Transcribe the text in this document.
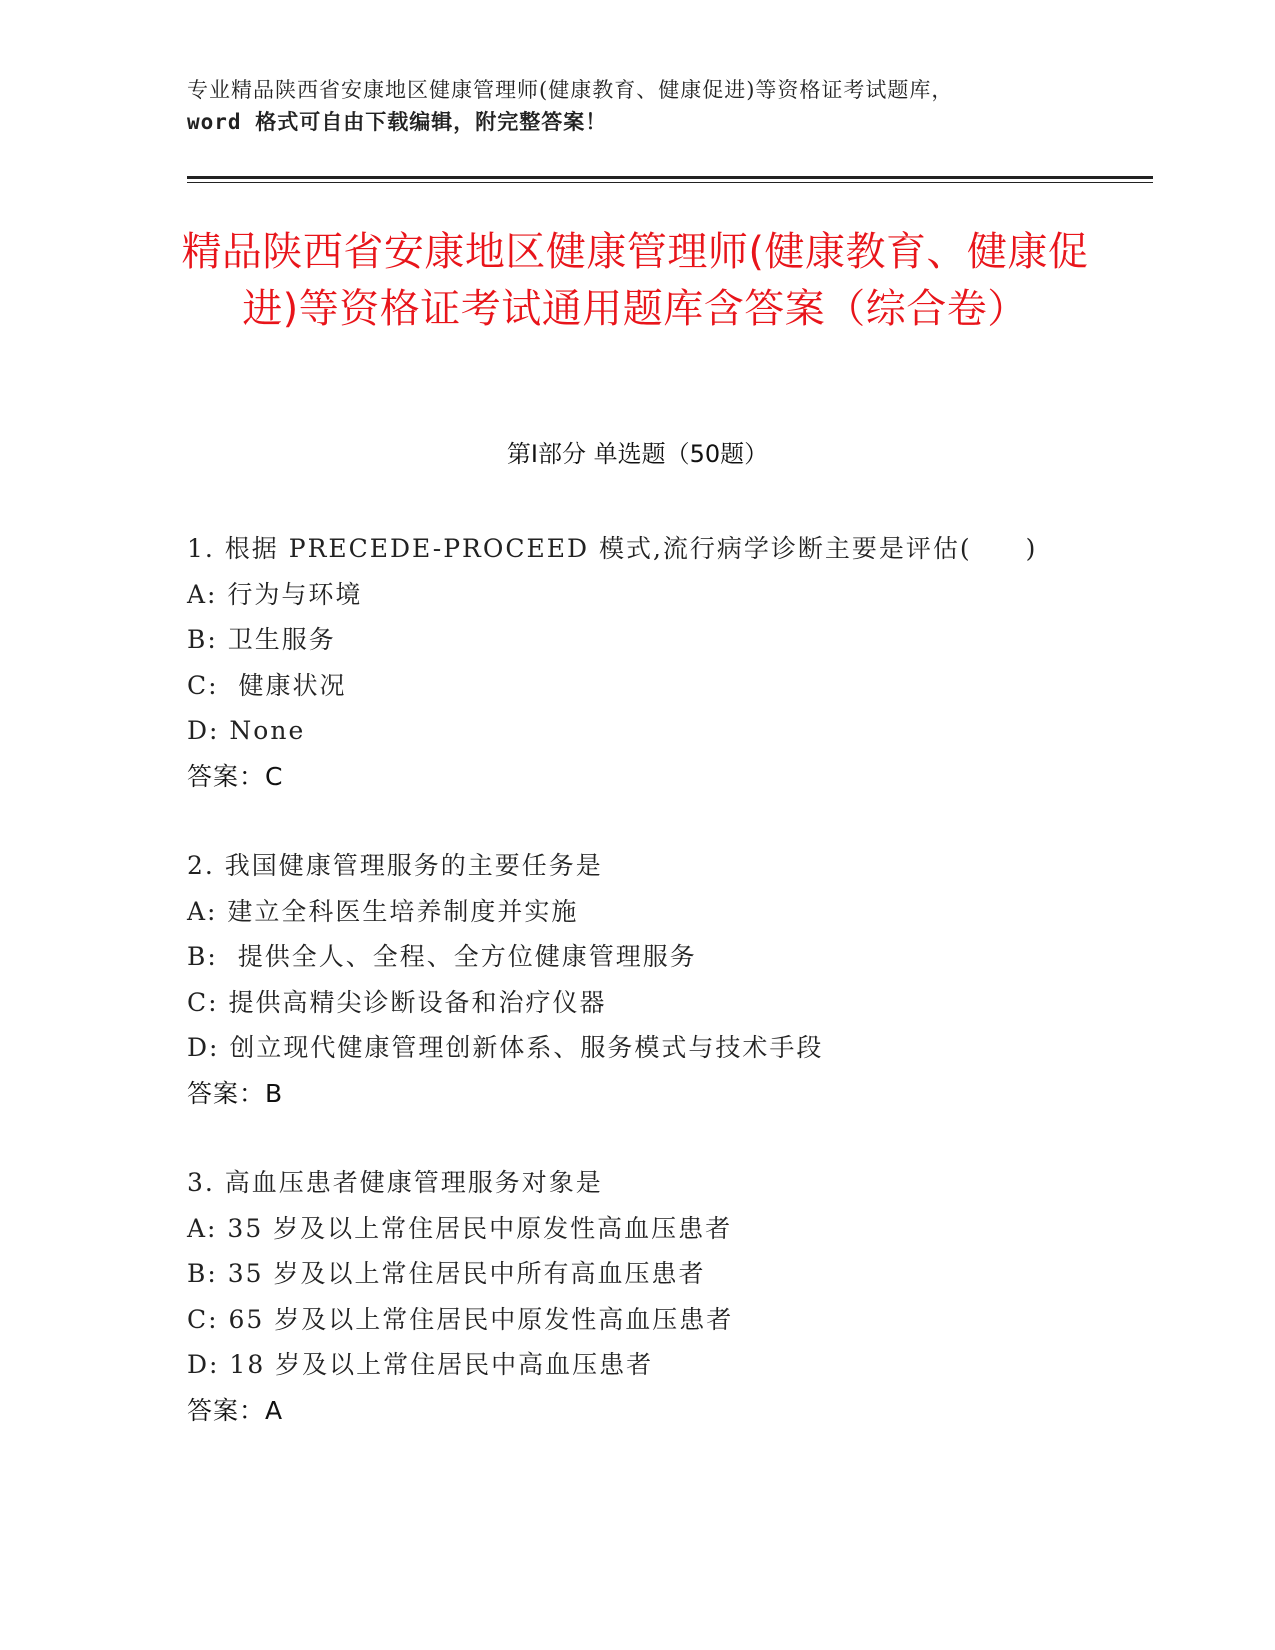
专业精品陕西省安康地区健康管理师(健康教育、健康促进)等资格证考试题库，
word 格式可自由下载编辑，附完整答案！
精品陕西省安康地区健康管理师(健康教育、健康促进)等资格证考试通用题库含答案（综合卷）
第Ⅰ部分 单选题（50题）
1. 根据 PRECEDE-PROCEED 模式,流行病学诊断主要是评估(　　)
A: 行为与环境
B: 卫生服务
C:  健康状况
D: None
答案：C
2. 我国健康管理服务的主要任务是
A: 建立全科医生培养制度并实施
B:  提供全人、全程、全方位健康管理服务
C: 提供高精尖诊断设备和治疗仪器
D: 创立现代健康管理创新体系、服务模式与技术手段
答案：B
3. 高血压患者健康管理服务对象是
A: 35 岁及以上常住居民中原发性高血压患者
B: 35 岁及以上常住居民中所有高血压患者
C: 65 岁及以上常住居民中原发性高血压患者
D: 18 岁及以上常住居民中高血压患者
答案：A
